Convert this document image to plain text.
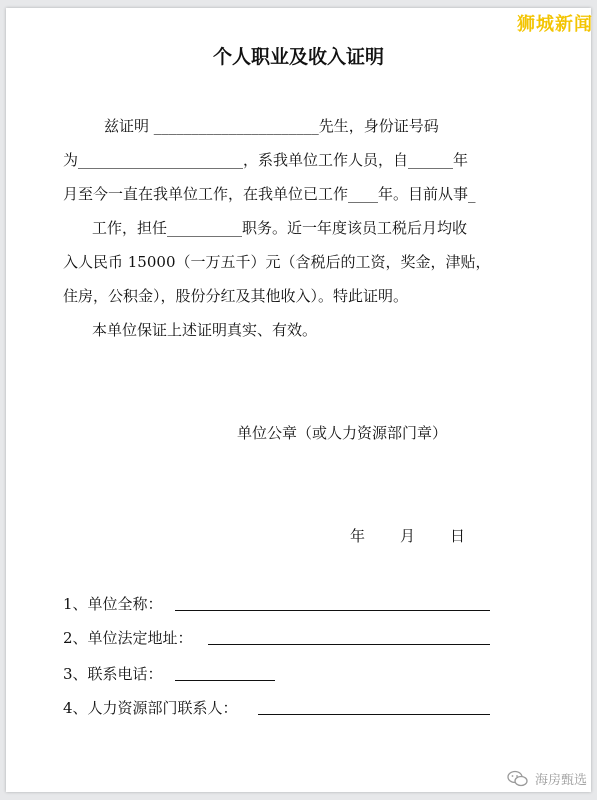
狮城新闻
个人职业及收入证明
兹证明 ______________________先生，身份证号码
为______________________，系我单位工作人员，自______年
月至今一直在我单位工作，在我单位已工作____年。目前从事_
工作，担任__________职务。近一年度该员工税后月均收
入人民币 15000（一万五千）元（含税后的工资，奖金，津贴，
住房，公积金），股份分红及其他收入）。特此证明。
本单位保证上述证明真实、有效。
单位公章（或人力资源部门章）
年 月 日
1、单位全称：
2、单位法定地址：
3、联系电话：
4、人力资源部门联系人：
海房甄选
